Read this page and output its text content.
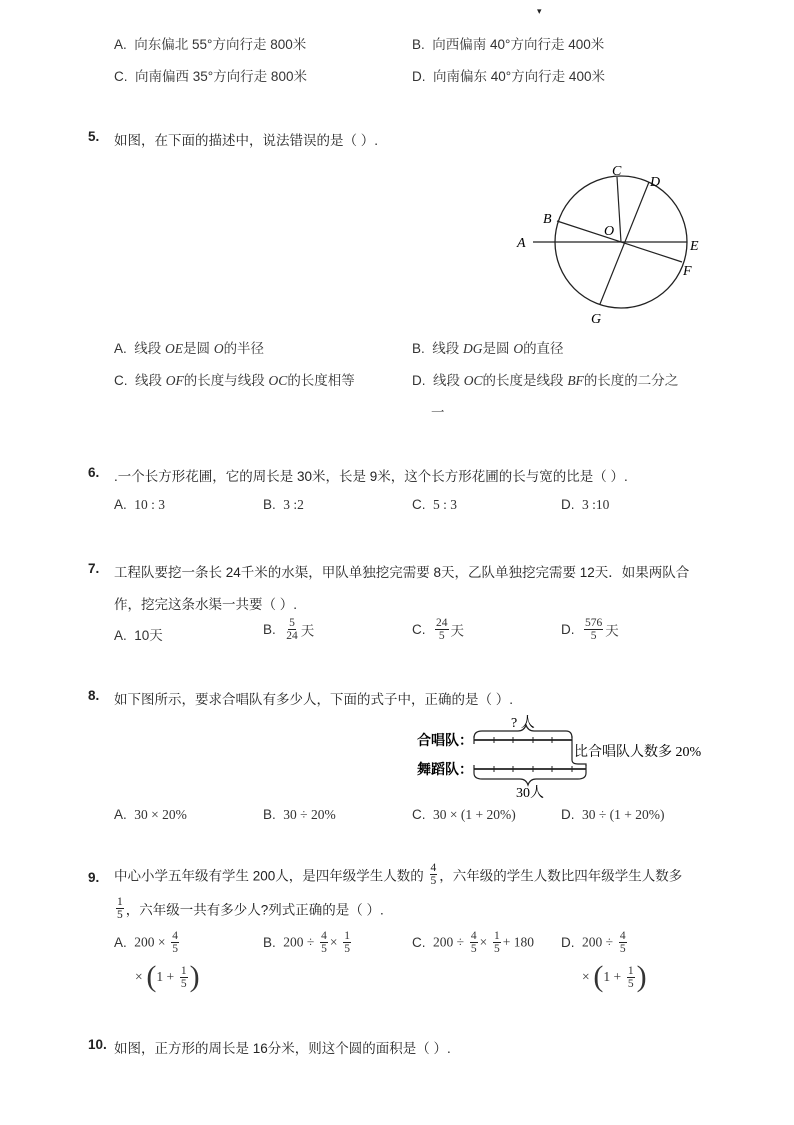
▾
A. 向东偏北 55°方向行走 800米	B. 向西偏南 40°方向行走 400米
C. 向南偏西 35°方向行走 800米	D. 向南偏东 40°方向行走 400米
5. 如图，在下面的描述中，说法错误的是（ ）.
A
B
C
D
O
E
F
G
A. 线段 OE是圆 O的半径	B. 线段 DG是圆 O的直径
C. 线段 OF的长度与线段 OC的长度相等	D. 线段 OC的长度是线段 BF的长度的二分之
一
6. .一个长方形花圃，它的周长是 30米，长是 9米，这个长方形花圃的长与宽的比是（ ）.
A. 10 : 3	B. 3 :2	C. 5 : 3	D. 3 :10
7. 工程队要挖一条长 24千米的水渠，甲队单独挖完需要 8天，乙队单独挖完需要 12天．如果两队合
作，挖完这条水渠一共要（ ）.
A. 10天	B. $\frac{5}{24}$ 天	C. $\frac{24}{5}$ 天	D. $\frac{576}{5}$ 天
8. 如下图所示，要求合唱队有多少人，下面的式子中，正确的是（ ）.
? 人
合唱队：
舞蹈队：
比合唱队人数多 20%
30人
A. 30 × 20%	B. 30 ÷ 20%	C. 30 × (1 + 20%)	D. 30 ÷ (1 + 20%)
9. 中心小学五年级有学生 200人，是四年级学生人数的 $\frac{4}{5}$ ，六年级的学生人数比四年级学生人数多
$\frac{1}{5}$ ，六年级一共有多少人?列式正确的是（ ）.
A. $200 \times \frac{4}{5}$
× ($1 + \frac{1}{5}$ )
B. $200 \div \frac{4}{5} \times \frac{1}{5}$	C. $200 \div \frac{4}{5} \times \frac{1}{5} + 180$ D. $200 \div \frac{4}{5}$
× ($1 + \frac{1}{5}$ )
10. 如图，正方形的周长是 16分米，则这个圆的面积是（ ）.
